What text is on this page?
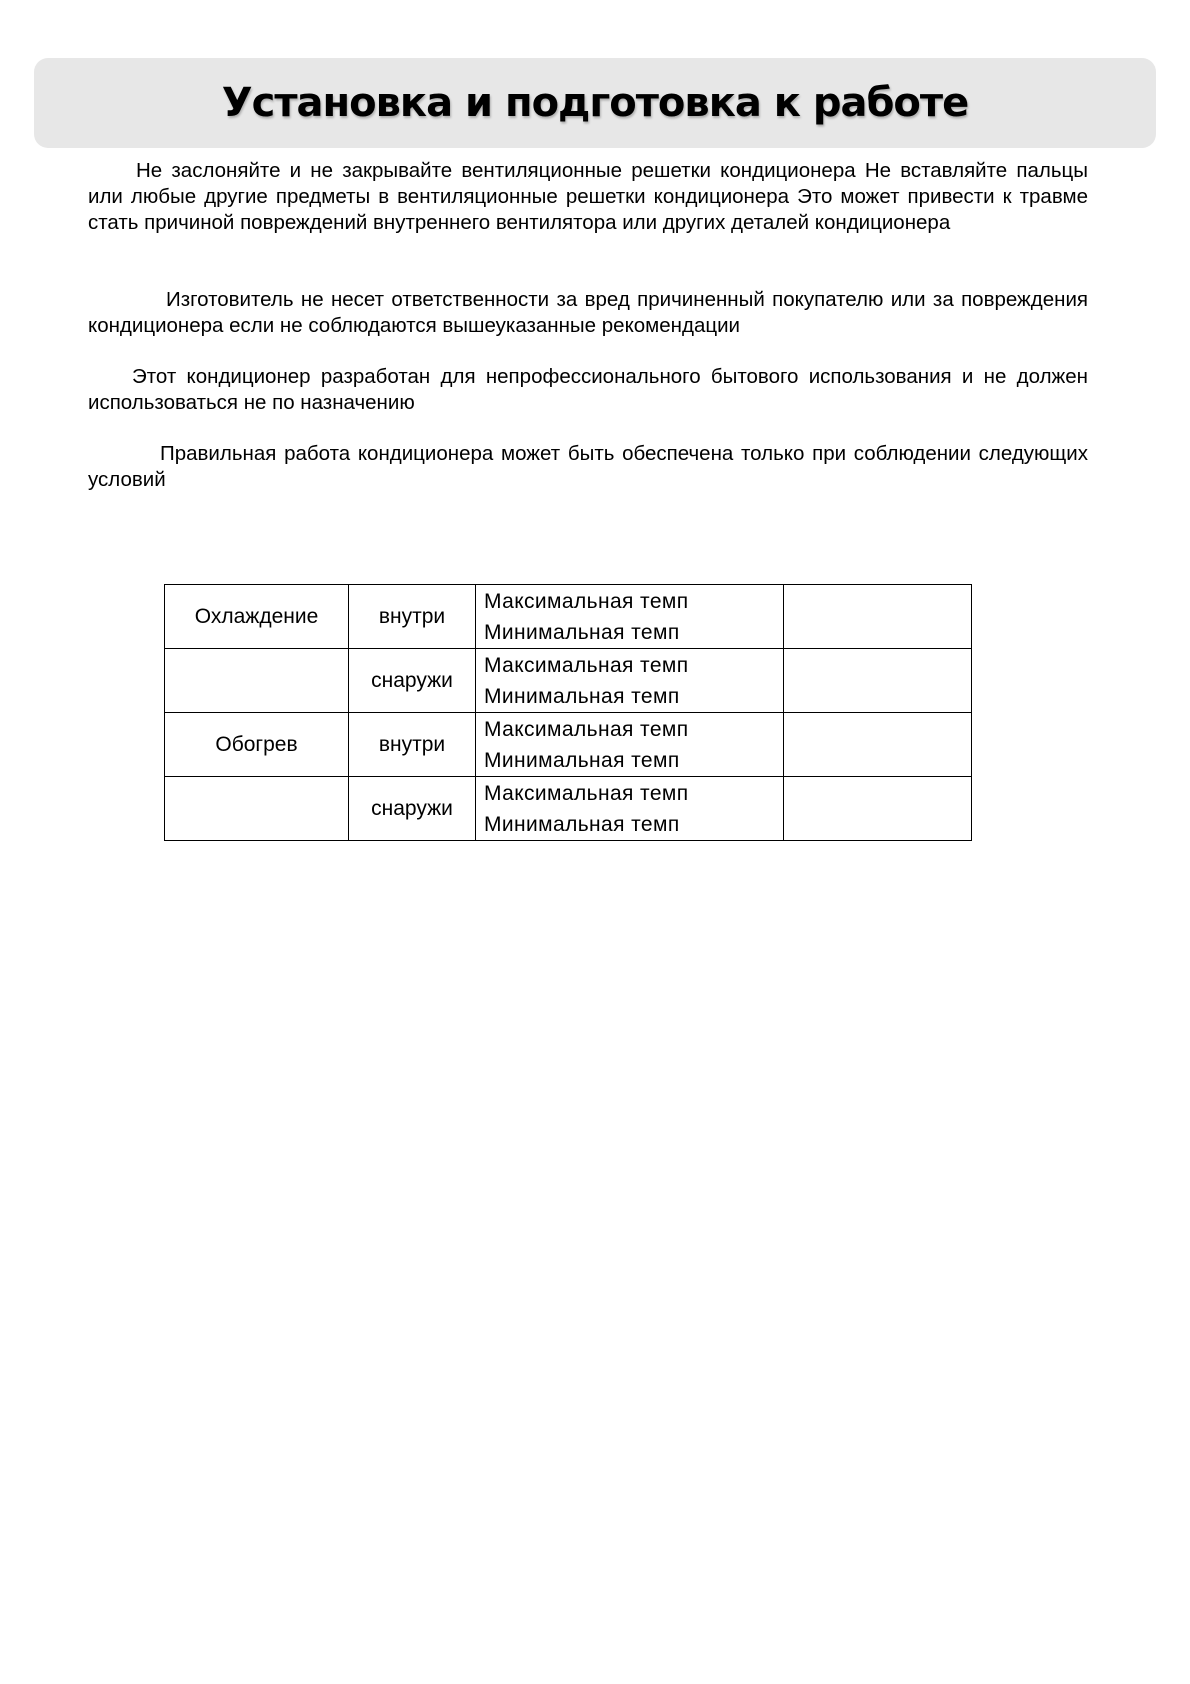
Установка и подготовка к работе

Не заслоняйте и не закрывайте вентиляционные решетки кондиционера Не вставляйте пальцы или любые другие предметы в вентиляционные решетки кондиционера Это может привести к травме стать причиной повреждений внутреннего вентилятора или других деталей кондиционера

Изготовитель не несет ответственности за вред причиненный покупателю или за повреждения кондиционера если не соблюдаются вышеуказанные рекомендации

Этот кондиционер разработан для непрофессионального бытового использования и не должен использоваться не по назначению

Правильная работа кондиционера может быть обеспечена только при соблюдении следующих условий

Охлаждение	внутри	
Максимальная темп
Минимальная темп

	снаружи	
Максимальная темп
Минимальная темп

Обогрев	внутри	
Максимальная темп
Минимальная темп

	снаружи	
Максимальная темп
Минимальная темп
